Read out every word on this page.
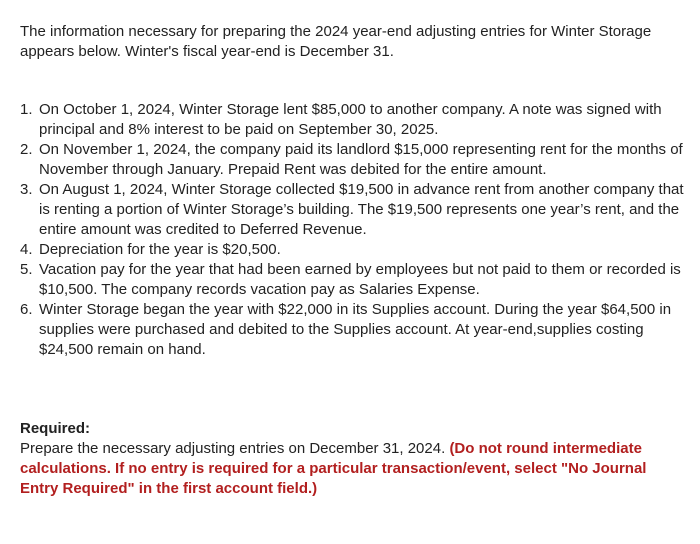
The information necessary for preparing the 2024 year-end adjusting entries for Winter Storage appears below. Winter's fiscal year-end is December 31.

1. On October 1, 2024, Winter Storage lent $85,000 to another company. A note was signed with principal and 8% interest to be paid on September 30, 2025.
2. On November 1, 2024, the company paid its landlord $15,000 representing rent for the months of November through January. Prepaid Rent was debited for the entire amount.
3. On August 1, 2024, Winter Storage collected $19,500 in advance rent from another company that is renting a portion of Winter Storage’s building. The $19,500 represents one year’s rent, and the entire amount was credited to Deferred Revenue.
4. Depreciation for the year is $20,500.
5. Vacation pay for the year that had been earned by employees but not paid to them or recorded is $10,500. The company records vacation pay as Salaries Expense.
6. Winter Storage began the year with $22,000 in its Supplies account. During the year $64,500 in supplies were purchased and debited to the Supplies account. At year-end,supplies costing $24,500 remain on hand.

Required:

Prepare the necessary adjusting entries on December 31, 2024. (Do not round intermediate calculations. If no entry is required for a particular transaction/event, select "No Journal Entry Required" in the first account field.)
